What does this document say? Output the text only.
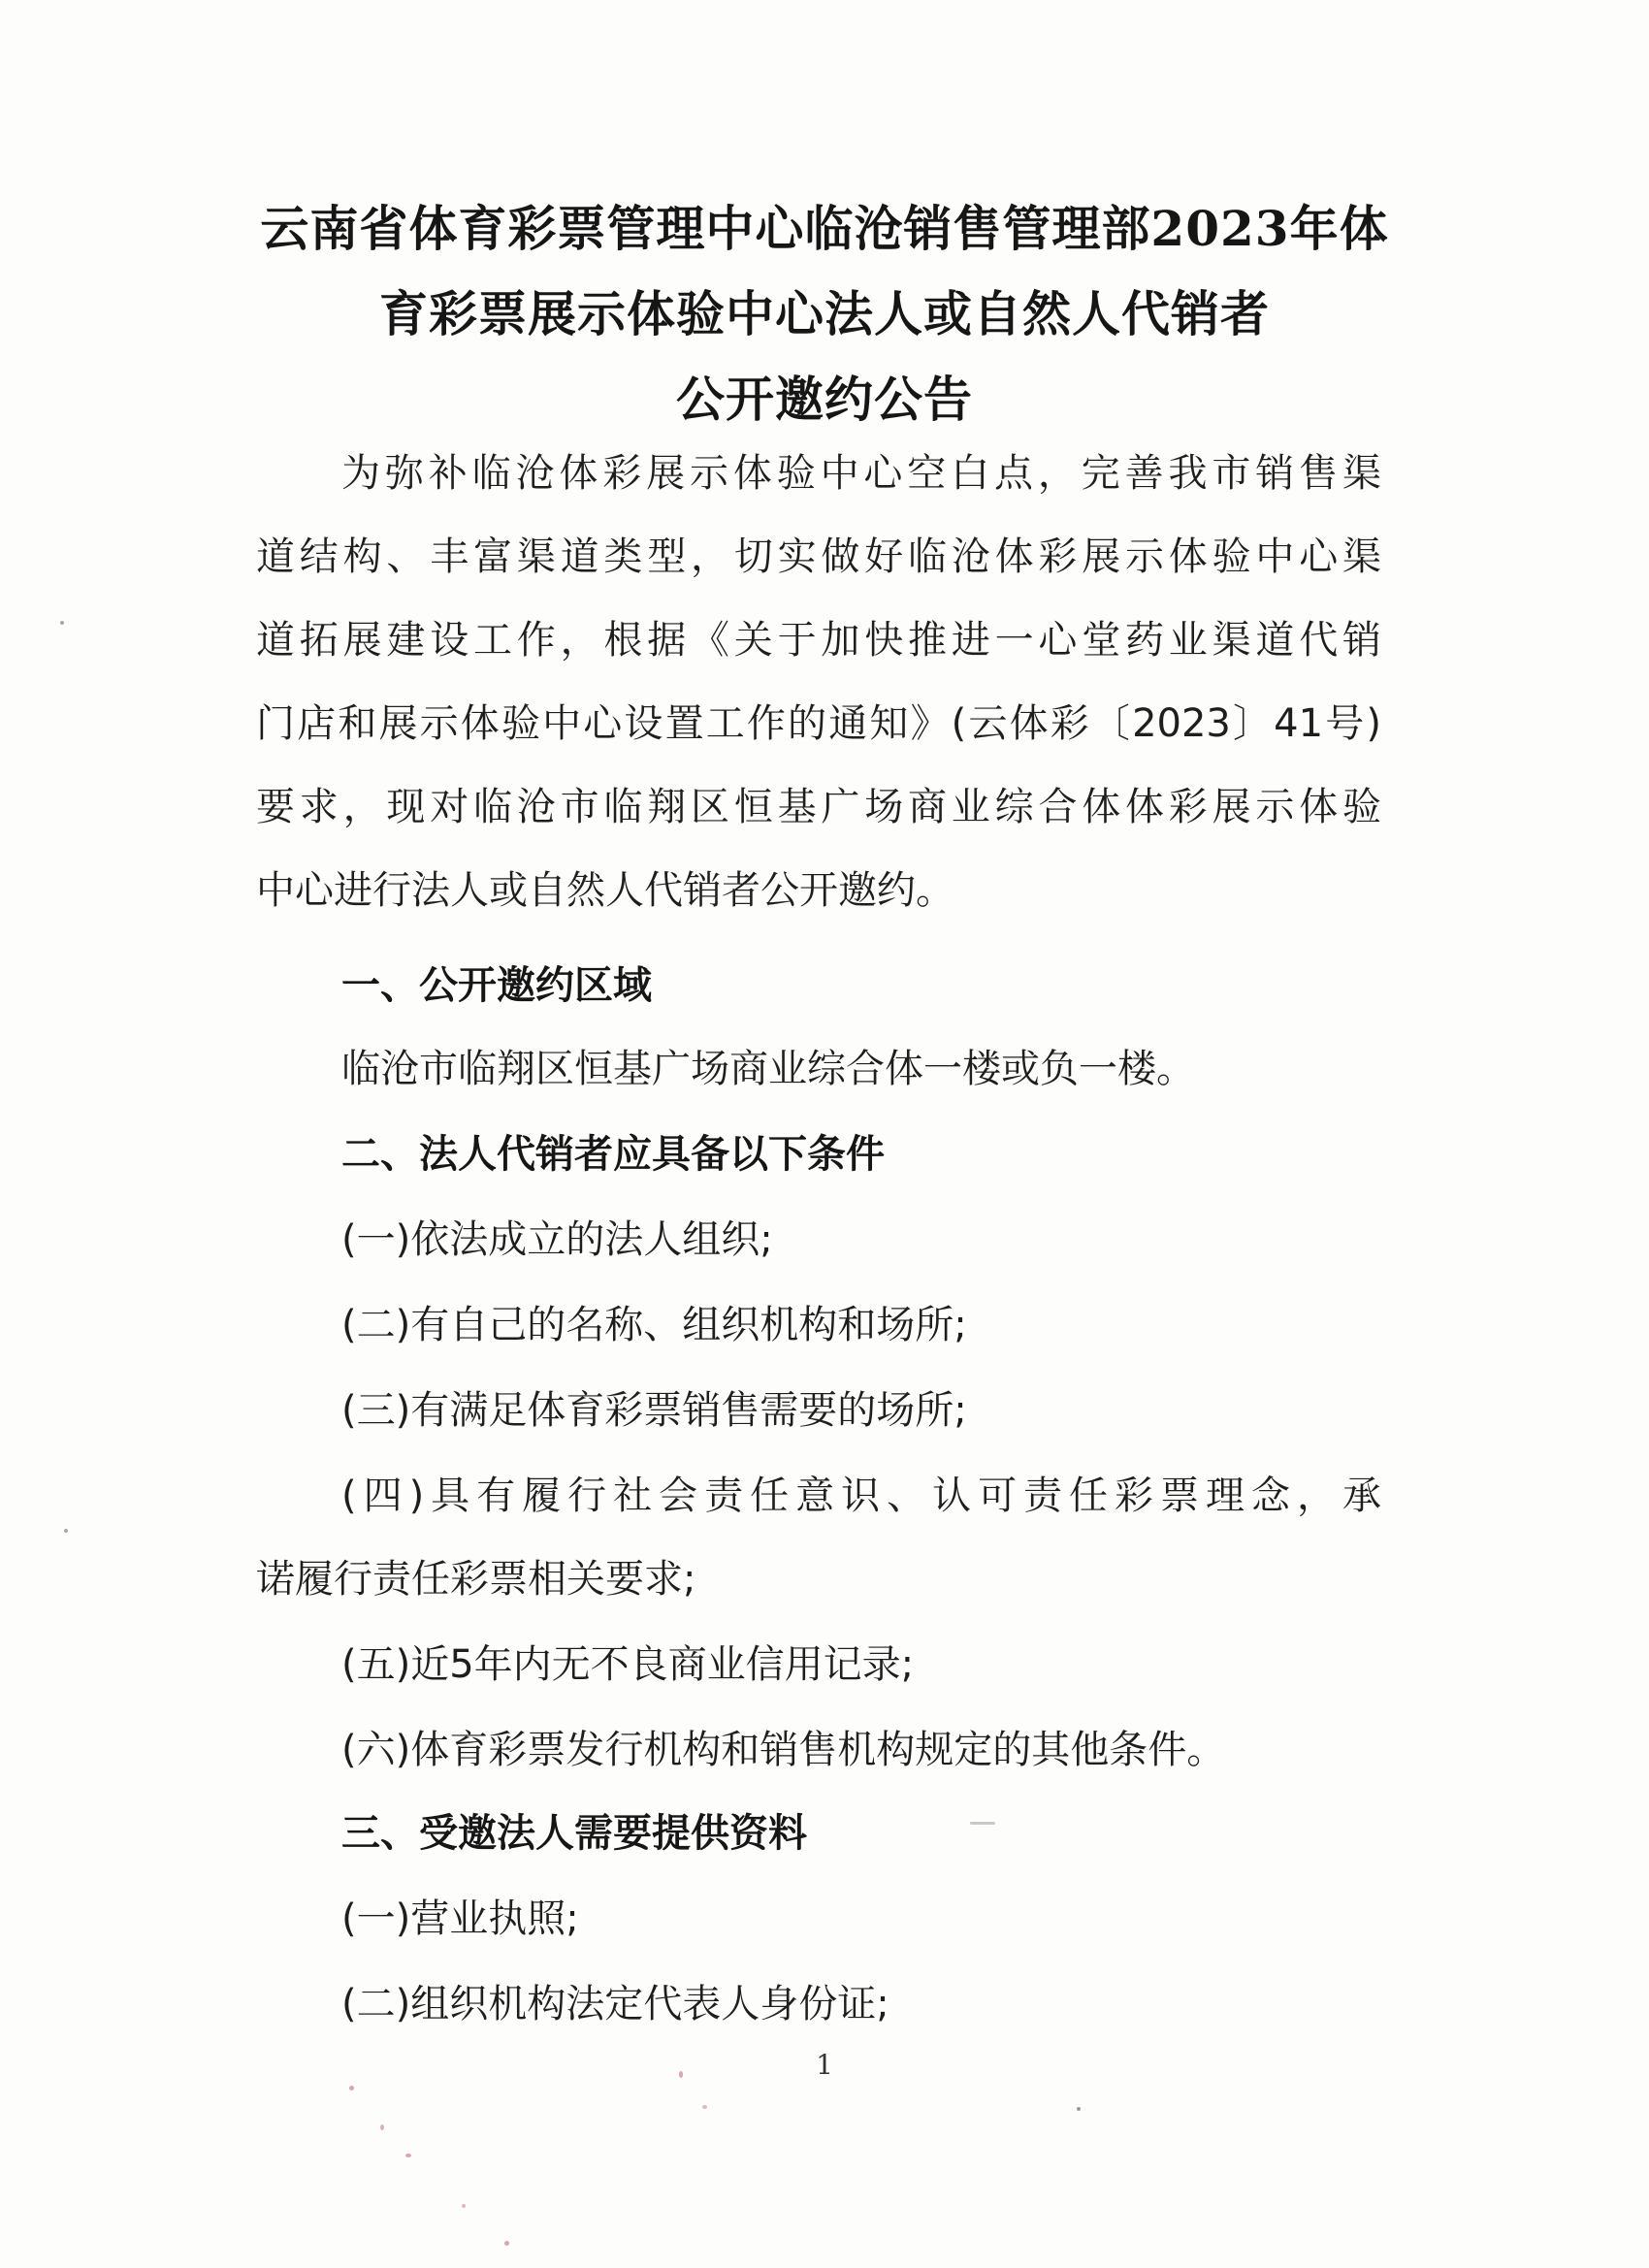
云南省体育彩票管理中心临沧销售管理部2023年体
育彩票展示体验中心法人或自然人代销者
公开邀约公告
为弥补临沧体彩展示体验中心空白点，完善我市销售渠
道结构、丰富渠道类型，切实做好临沧体彩展示体验中心渠
道拓展建设工作，根据《关于加快推进一心堂药业渠道代销
门店和展示体验中心设置工作的通知》(云体彩〔2023〕41号)
要求，现对临沧市临翔区恒基广场商业综合体体彩展示体验
中心进行法人或自然人代销者公开邀约。
一、公开邀约区域
临沧市临翔区恒基广场商业综合体一楼或负一楼。
二、法人代销者应具备以下条件
(一)依法成立的法人组织;
(二)有自己的名称、组织机构和场所;
(三)有满足体育彩票销售需要的场所;
(四)具有履行社会责任意识、认可责任彩票理念，承
诺履行责任彩票相关要求;
(五)近5年内无不良商业信用记录;
(六)体育彩票发行机构和销售机构规定的其他条件。
三、受邀法人需要提供资料
(一)营业执照;
(二)组织机构法定代表人身份证;
1
